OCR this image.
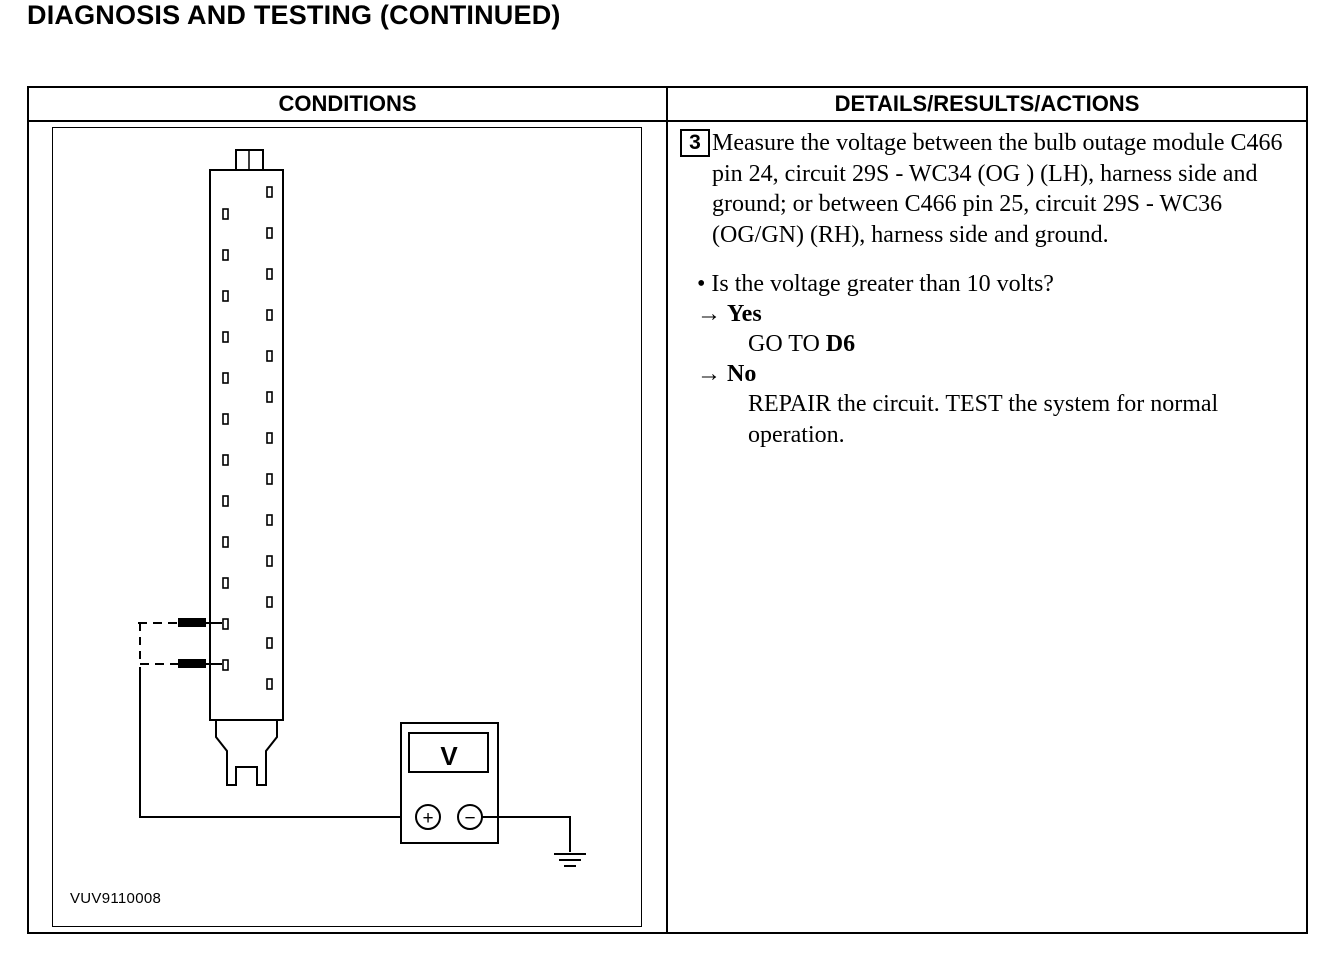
DIAGNOSIS AND TESTING (CONTINUED)
CONDITIONS	DETAILS/RESULTS/ACTIONS
V
+ −
VUV9110008
3 Measure the voltage between the bulb outage module C466 pin 24, circuit 29S - WC34 (OG ) (LH), harness side and ground; or between C466 pin 25, circuit 29S - WC36 (OG/GN) (RH), harness side and ground.
• Is the voltage greater than 10 volts?
→ Yes
GO TO D6
→ No
REPAIR the circuit. TEST the system for normal
operation.
